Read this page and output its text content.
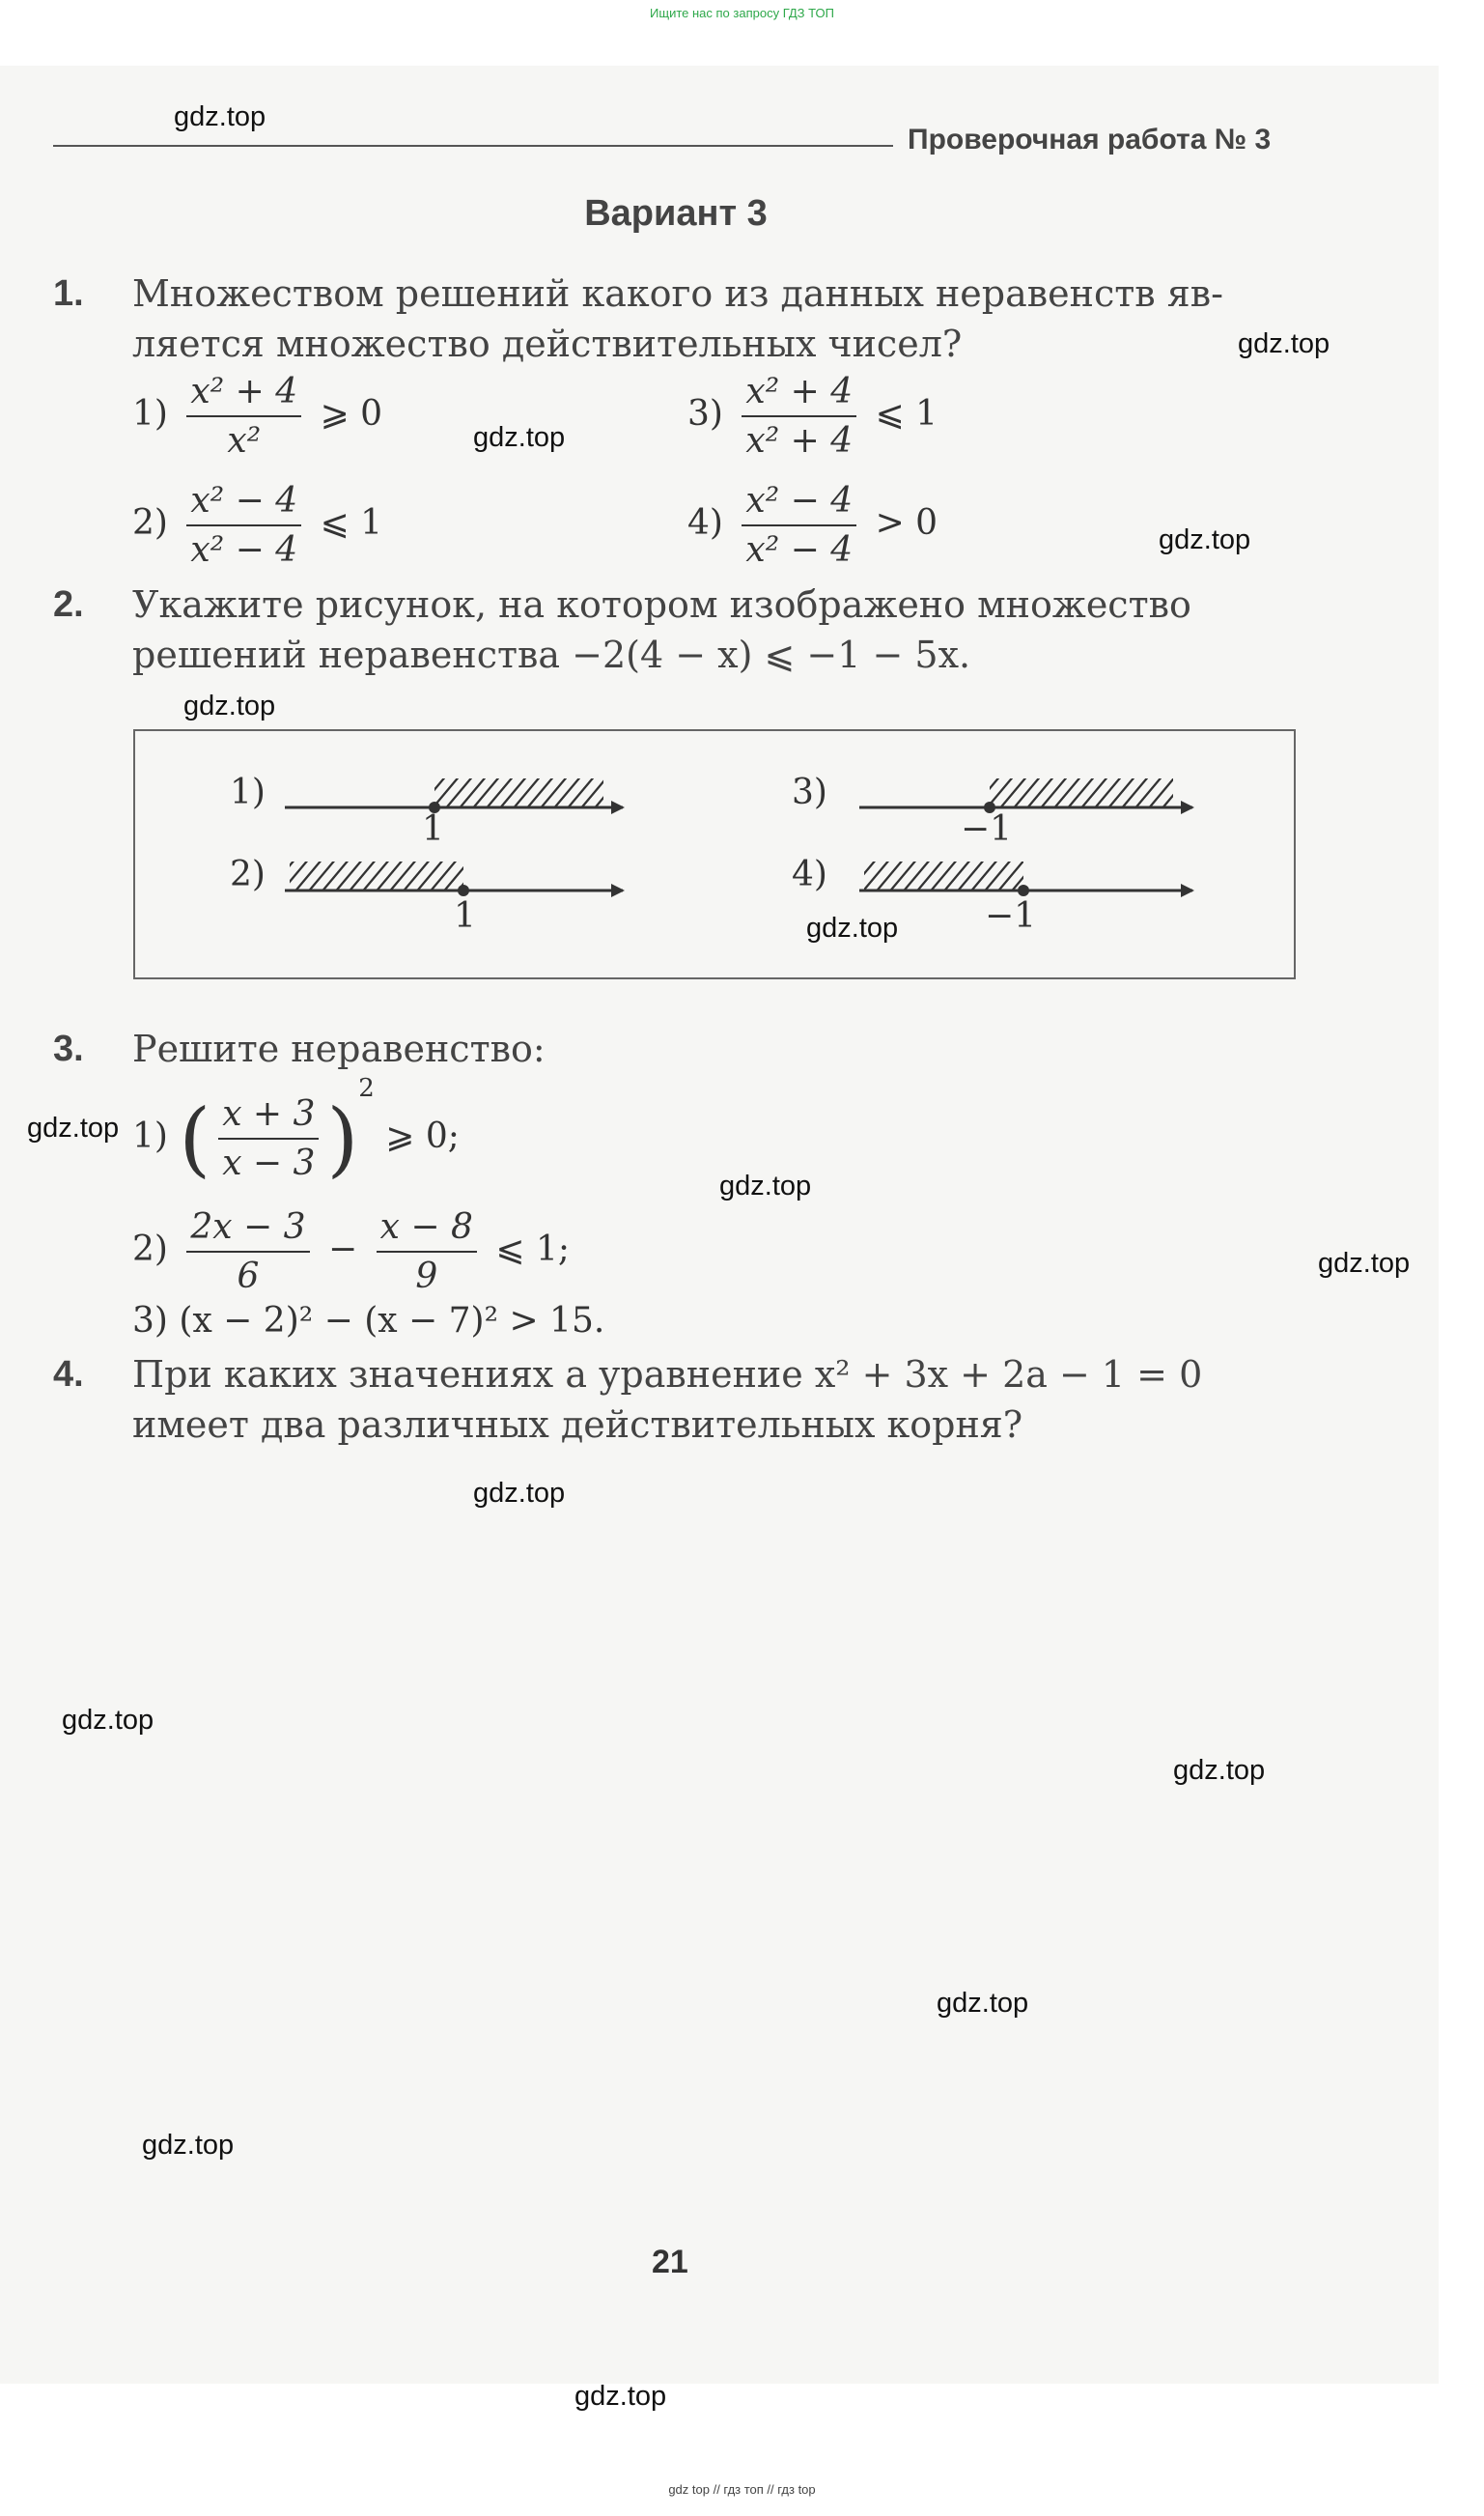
Ищите нас по запросу ГДЗ ТОП
Проверочная работа № 3
Вариант 3
gdz.top
gdz.top
gdz.top
gdz.top
gdz.top
gdz.top
gdz.top
gdz.top
gdz.top
gdz.top
gdz.top
gdz.top
gdz.top
gdz.top
gdz.top
1. Множеством решений какого из данных неравенств яв-
ляется множество действительных чисел?
$1) \frac{\text{x² + 4}}{\text{x²}}$ ⩾ 0	$3) \frac{\text{x² + 4}}{\text{x² + 4}}$ ⩽ 1
$2) \frac{\text{x² − 4}}{\text{x² − 4}}$ ⩽ 1	$4) \frac{\text{x² − 4}}{\text{x² − 4}} > 0$
2. Укажите рисунок, на котором изображено множество
решений неравенства −2(4 − x) ⩽ −1 − 5x.
1)
1
2)
1
3)
−1
4)
−1
3. Решите неравенство:
1) ( $\frac{x + 3}{x - 3} )^2$ ⩾ 0;
$2) \frac{2x - 3}{6} - \frac{x - 8}{9}$ ⩽ 1;
3) (x − 2)² − (x − 7)² > 15.
4. При каких значениях a уравнение x² + 3x + 2a − 1 = 0
имеет два различных действительных корня?
21
gdz top // гдз топ // гдз top
